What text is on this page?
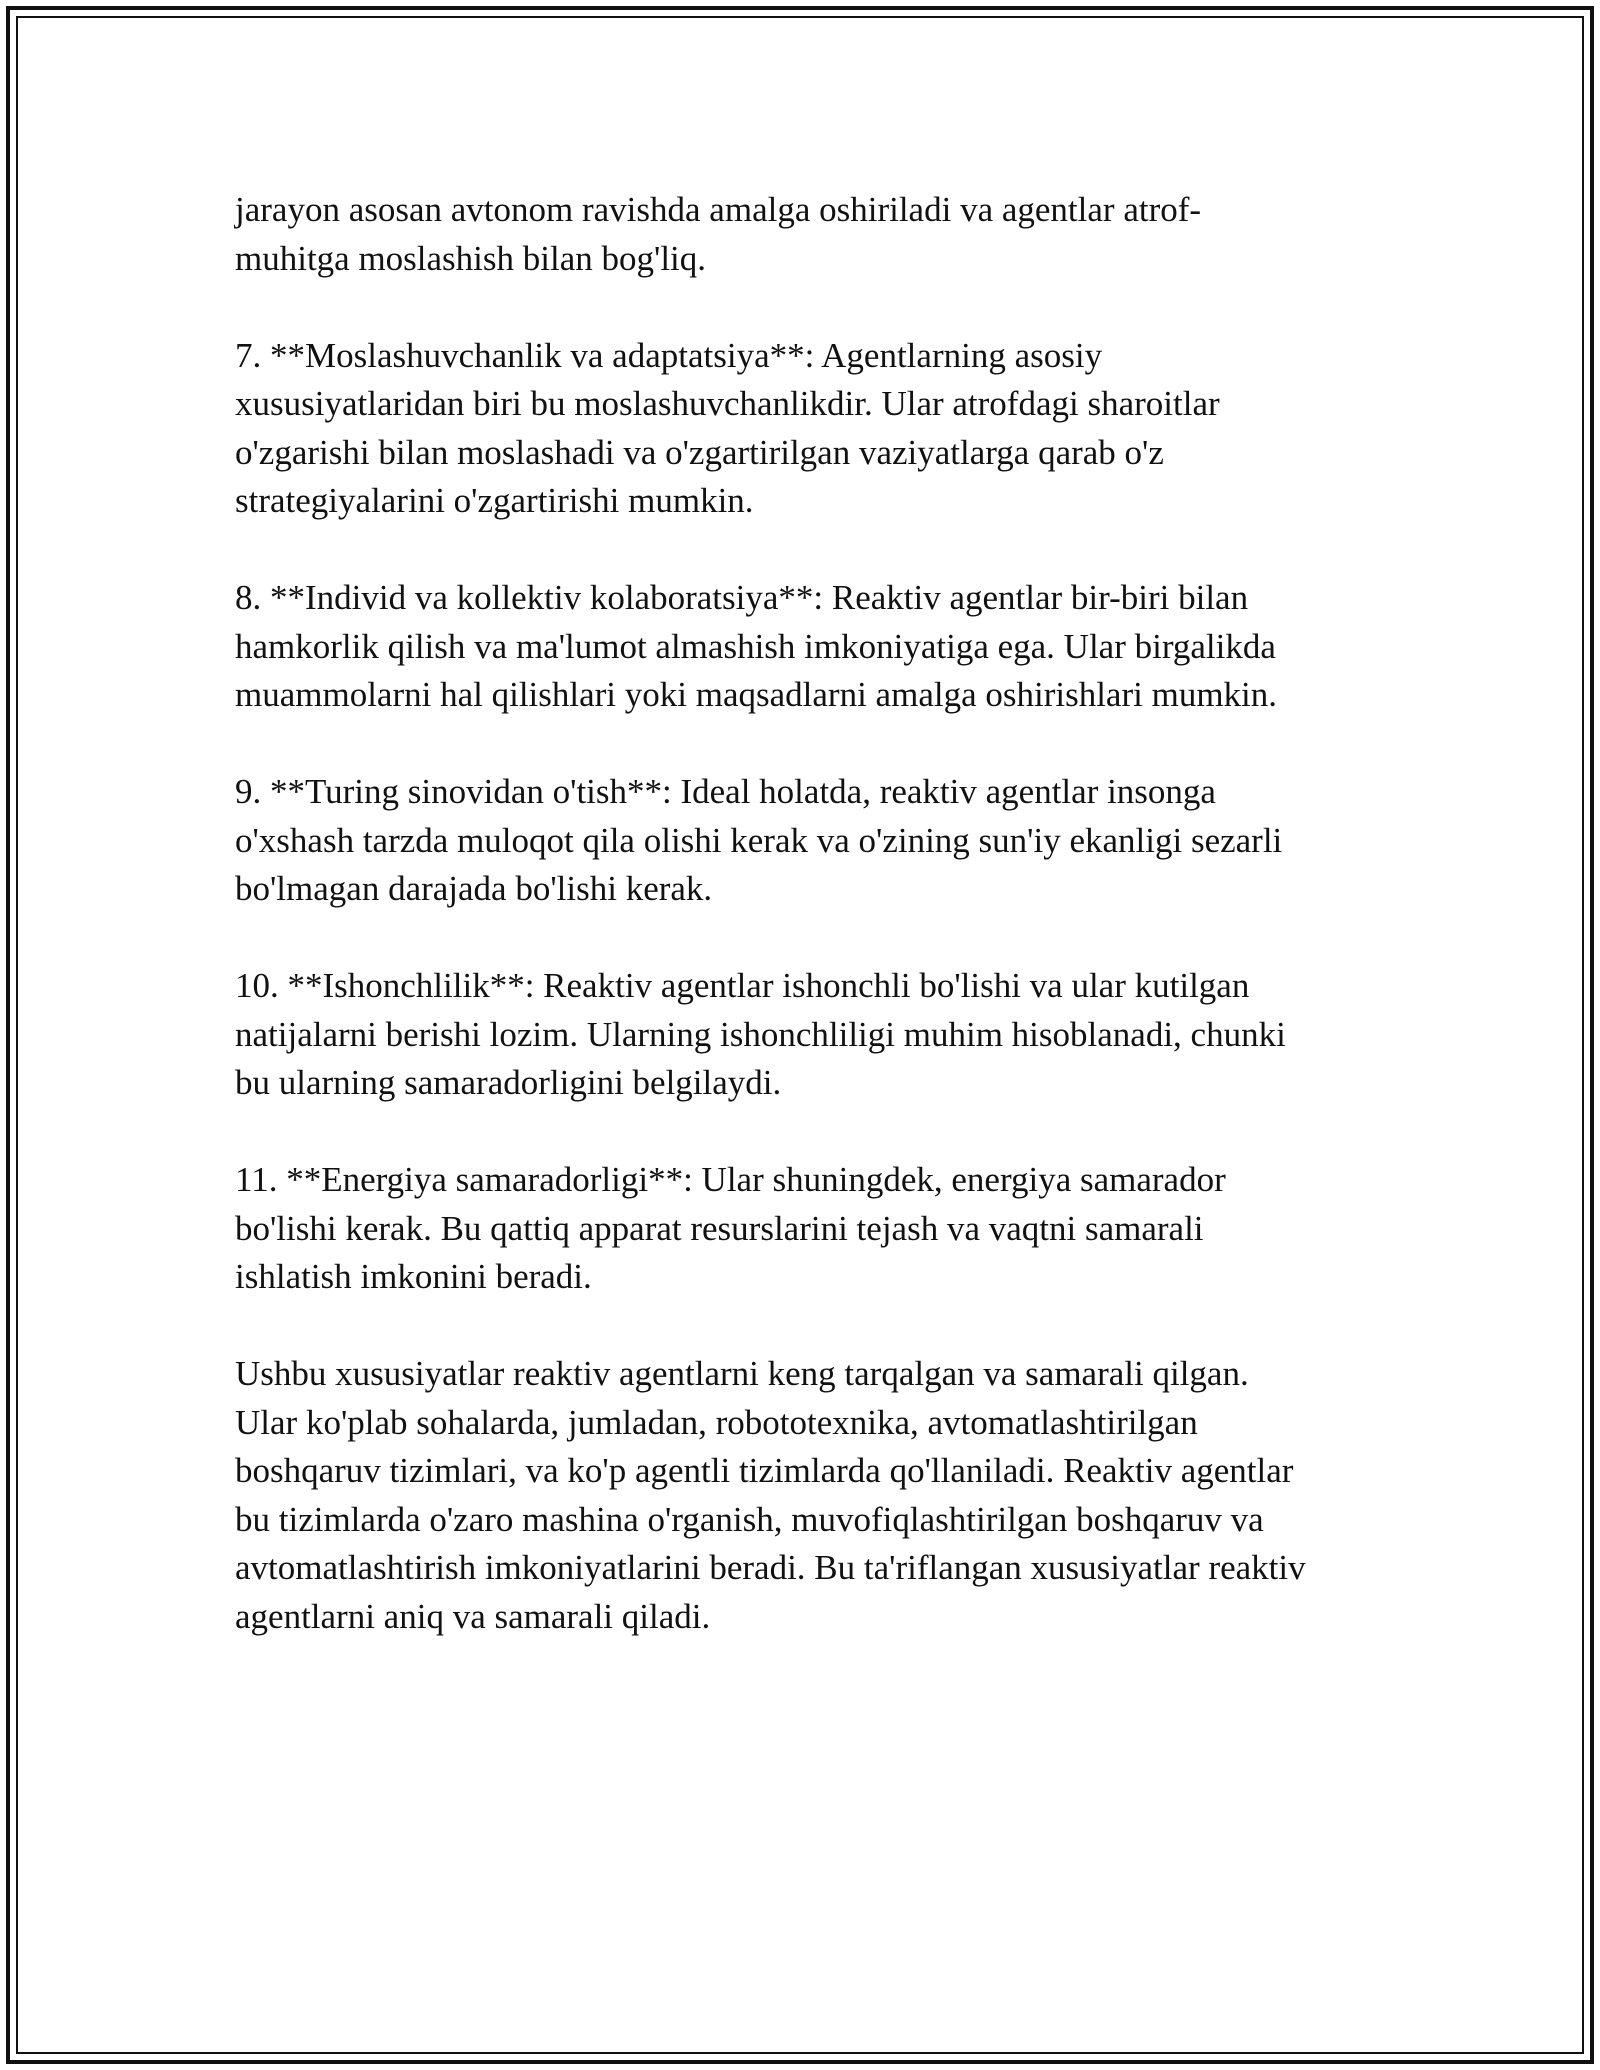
jarayon asosan avtonom ravishda amalga oshiriladi va agentlar atrof-
muhitga moslashish bilan bog'liq.

7. **Moslashuvchanlik va adaptatsiya**: Agentlarning asosiy
xususiyatlaridan biri bu moslashuvchanlikdir. Ular atrofdagi sharoitlar
o'zgarishi bilan moslashadi va o'zgartirilgan vaziyatlarga qarab o'z
strategiyalarini o'zgartirishi mumkin.

8. **Individ va kollektiv kolaboratsiya**: Reaktiv agentlar bir-biri bilan
hamkorlik qilish va ma'lumot almashish imkoniyatiga ega. Ular birgalikda
muammolarni hal qilishlari yoki maqsadlarni amalga oshirishlari mumkin.

9. **Turing sinovidan o'tish**: Ideal holatda, reaktiv agentlar insonga
o'xshash tarzda muloqot qila olishi kerak va o'zining sun'iy ekanligi sezarli
bo'lmagan darajada bo'lishi kerak.

10. **Ishonchlilik**: Reaktiv agentlar ishonchli bo'lishi va ular kutilgan
natijalarni berishi lozim. Ularning ishonchliligi muhim hisoblanadi, chunki
bu ularning samaradorligini belgilaydi.

11. **Energiya samaradorligi**: Ular shuningdek, energiya samarador
bo'lishi kerak. Bu qattiq apparat resurslarini tejash va vaqtni samarali
ishlatish imkonini beradi.

Ushbu xususiyatlar reaktiv agentlarni keng tarqalgan va samarali qilgan.
Ular ko'plab sohalarda, jumladan, robototexnika, avtomatlashtirilgan
boshqaruv tizimlari, va ko'p agentli tizimlarda qo'llaniladi. Reaktiv agentlar
bu tizimlarda o'zaro mashina o'rganish, muvofiqlashtirilgan boshqaruv va
avtomatlashtirish imkoniyatlarini beradi. Bu ta'riflangan xususiyatlar reaktiv
agentlarni aniq va samarali qiladi.
